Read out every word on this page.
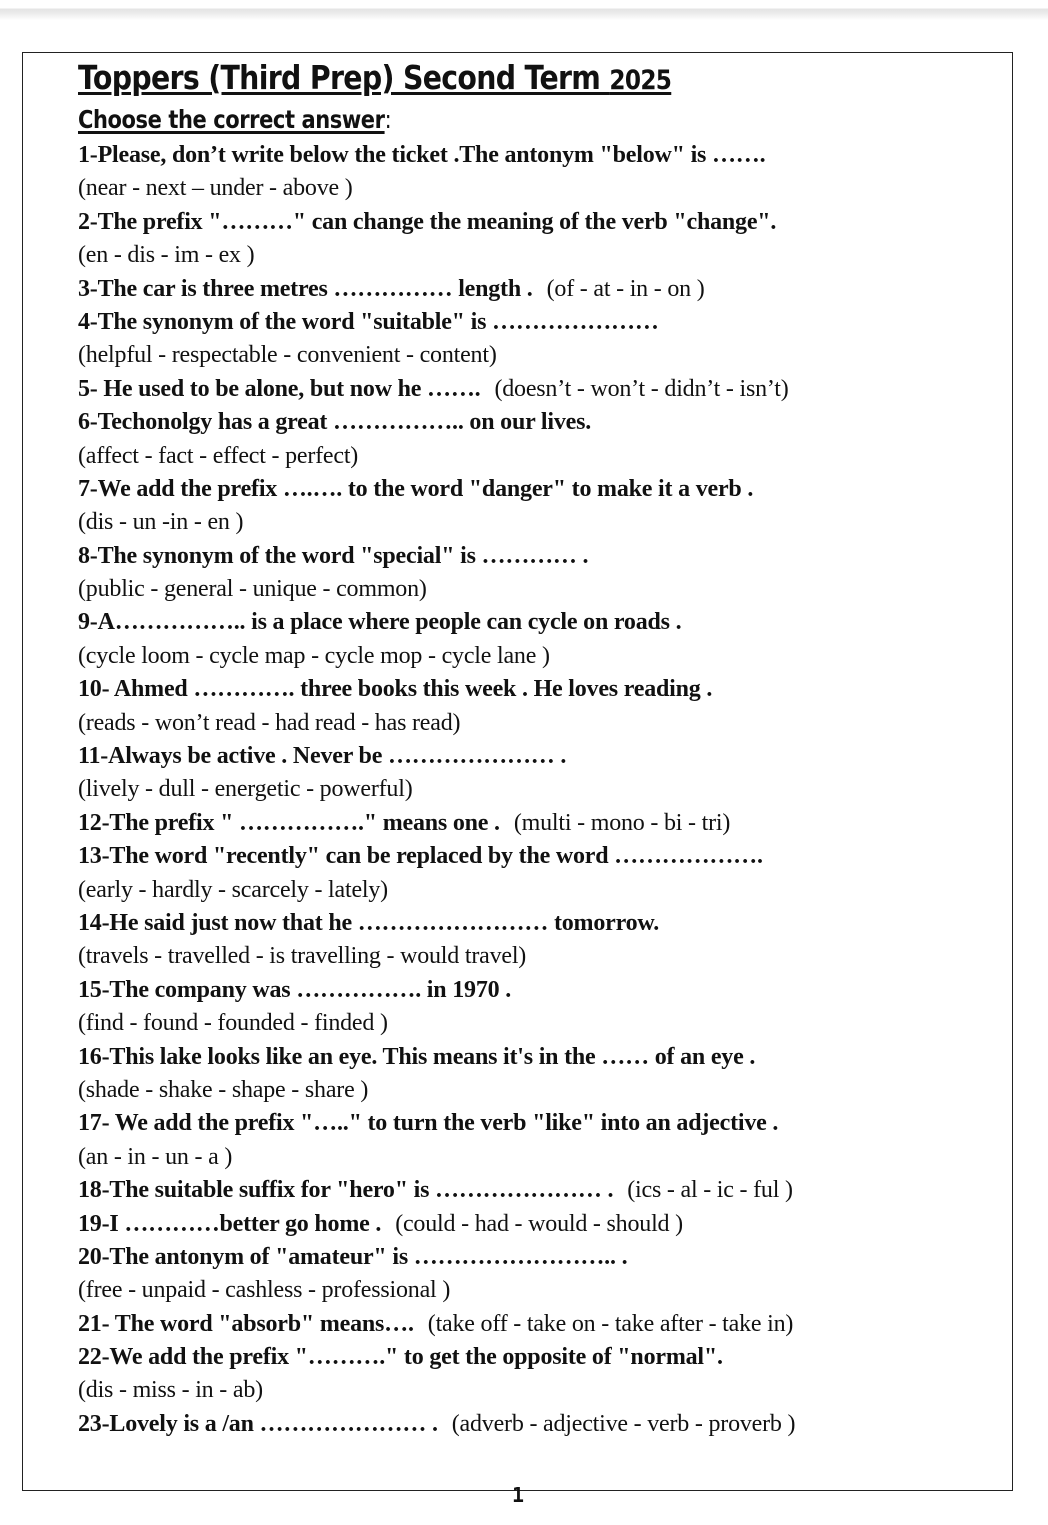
Toppers (Third Prep) Second Term 2025
Choose the correct answer:
1-Please, don’t write below the ticket .The antonym "below" is …….
(near - next – under - above )
2-The prefix "………" can change the meaning of the verb "change".
(en - dis - im - ex )
3-The car is three metres …………… length . (of - at - in - on )
4-The synonym of the word "suitable" is …………………
(helpful - respectable - convenient - content)
5- He used to be alone, but now he ……. (doesn’t - won’t - didn’t - isn’t)
6-Techonolgy has a great …………….. on our lives.
(affect - fact - effect - perfect)
7-We add the prefix ….…. to the word "danger" to make it a verb .
(dis - un -in - en )
8-The synonym of the word "special" is ………… .
(public - general - unique - common)
9-A…………….. is a place where people can cycle on roads .
(cycle loom - cycle map - cycle mop - cycle lane )
10- Ahmed …………. three books this week . He loves reading .
(reads - won’t read - had read - has read)
11-Always be active . Never be ………………… .
(lively - dull - energetic - powerful)
12-The prefix " ……………." means one . (multi - mono - bi - tri)
13-The word "recently" can be replaced by the word ……………….
(early - hardly - scarcely - lately)
14-He said just now that he …………………… tomorrow.
(travels - travelled - is travelling - would travel)
15-The company was ……………. in 1970 .
(find - found - founded - finded )
16-This lake looks like an eye. This means it's in the …… of an eye .
(shade - shake - shape - share )
17- We add the prefix "….." to turn the verb "like" into an adjective .
(an - in - un - a )
18-The suitable suffix for "hero" is ………………… . (ics - al - ic - ful )
19-I …………better go home . (could - had - would - should )
20-The antonym of "amateur" is …………………….. .
(free - unpaid - cashless - professional )
21- The word "absorb" means…. (take off - take on - take after - take in)
22-We add the prefix "………." to get the opposite of "normal".
(dis - miss - in - ab)
23-Lovely is a /an ………………… . (adverb - adjective - verb - proverb )
1
